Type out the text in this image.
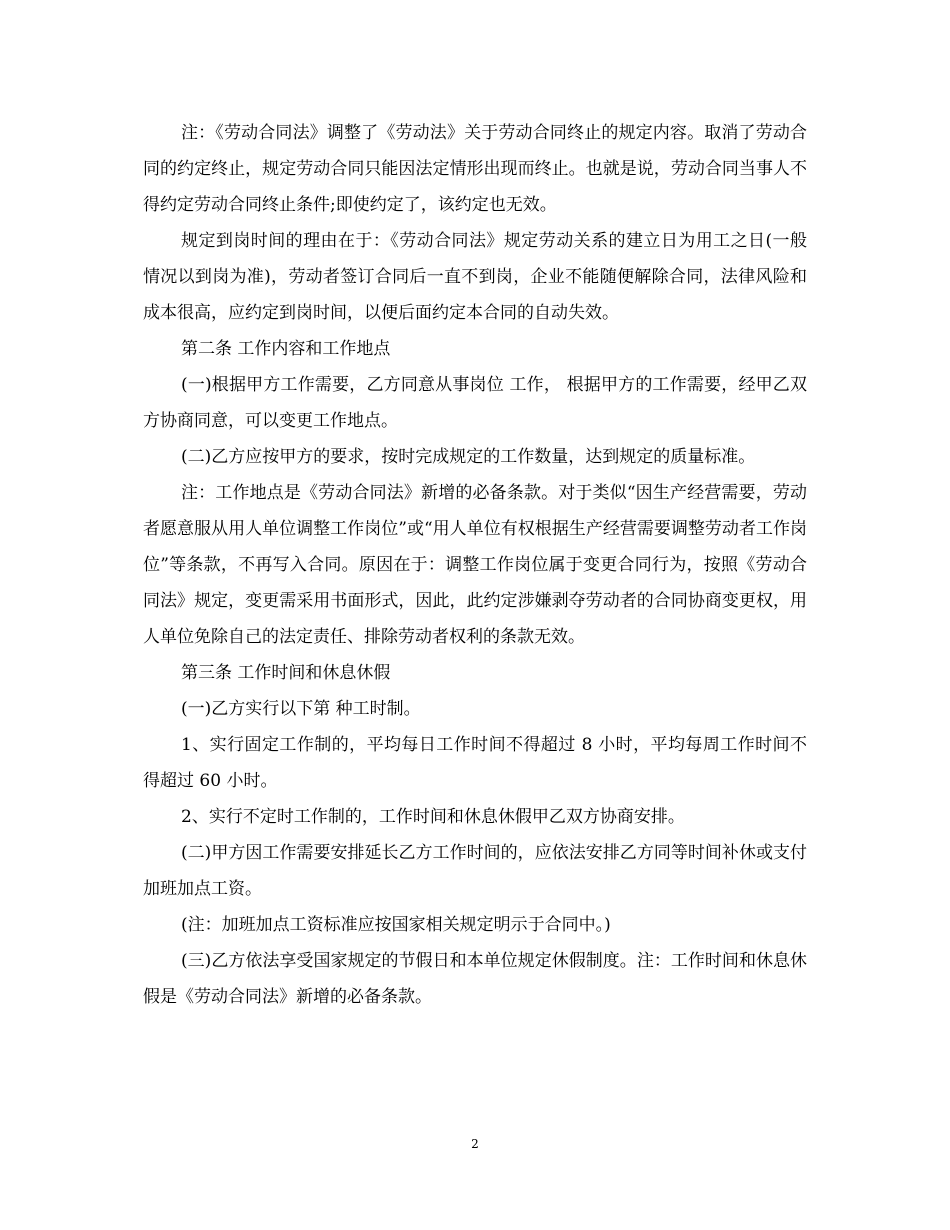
注：《劳动合同法》调整了《劳动法》关于劳动合同终止的规定内容。取消了劳动合同的约定终止，规定劳动合同只能因法定情形出现而终止。也就是说，劳动合同当事人不得约定劳动合同终止条件;即使约定了，该约定也无效。

规定到岗时间的理由在于：《劳动合同法》规定劳动关系的建立日为用工之日(一般情况以到岗为准)，劳动者签订合同后一直不到岗，企业不能随便解除合同，法律风险和成本很高，应约定到岗时间，以便后面约定本合同的自动失效。

第二条 工作内容和工作地点

(一)根据甲方工作需要，乙方同意从事岗位 工作， 根据甲方的工作需要，经甲乙双方协商同意，可以变更工作地点。

(二)乙方应按甲方的要求，按时完成规定的工作数量，达到规定的质量标准。

注：工作地点是《劳动合同法》新增的必备条款。对于类似“因生产经营需要，劳动者愿意服从用人单位调整工作岗位”或“用人单位有权根据生产经营需要调整劳动者工作岗位”等条款，不再写入合同。原因在于：调整工作岗位属于变更合同行为，按照《劳动合同法》规定，变更需采用书面形式，因此，此约定涉嫌剥夺劳动者的合同协商变更权，用人单位免除自己的法定责任、排除劳动者权利的条款无效。

第三条 工作时间和休息休假

(一)乙方实行以下第 种工时制。

1、实行固定工作制的，平均每日工作时间不得超过 8 小时，平均每周工作时间不得超过 60 小时。

2、实行不定时工作制的，工作时间和休息休假甲乙双方协商安排。

(二)甲方因工作需要安排延长乙方工作时间的，应依法安排乙方同等时间补休或支付加班加点工资。

(注：加班加点工资标准应按国家相关规定明示于合同中。)

(三)乙方依法享受国家规定的节假日和本单位规定休假制度。注：工作时间和休息休假是《劳动合同法》新增的必备条款。

2
